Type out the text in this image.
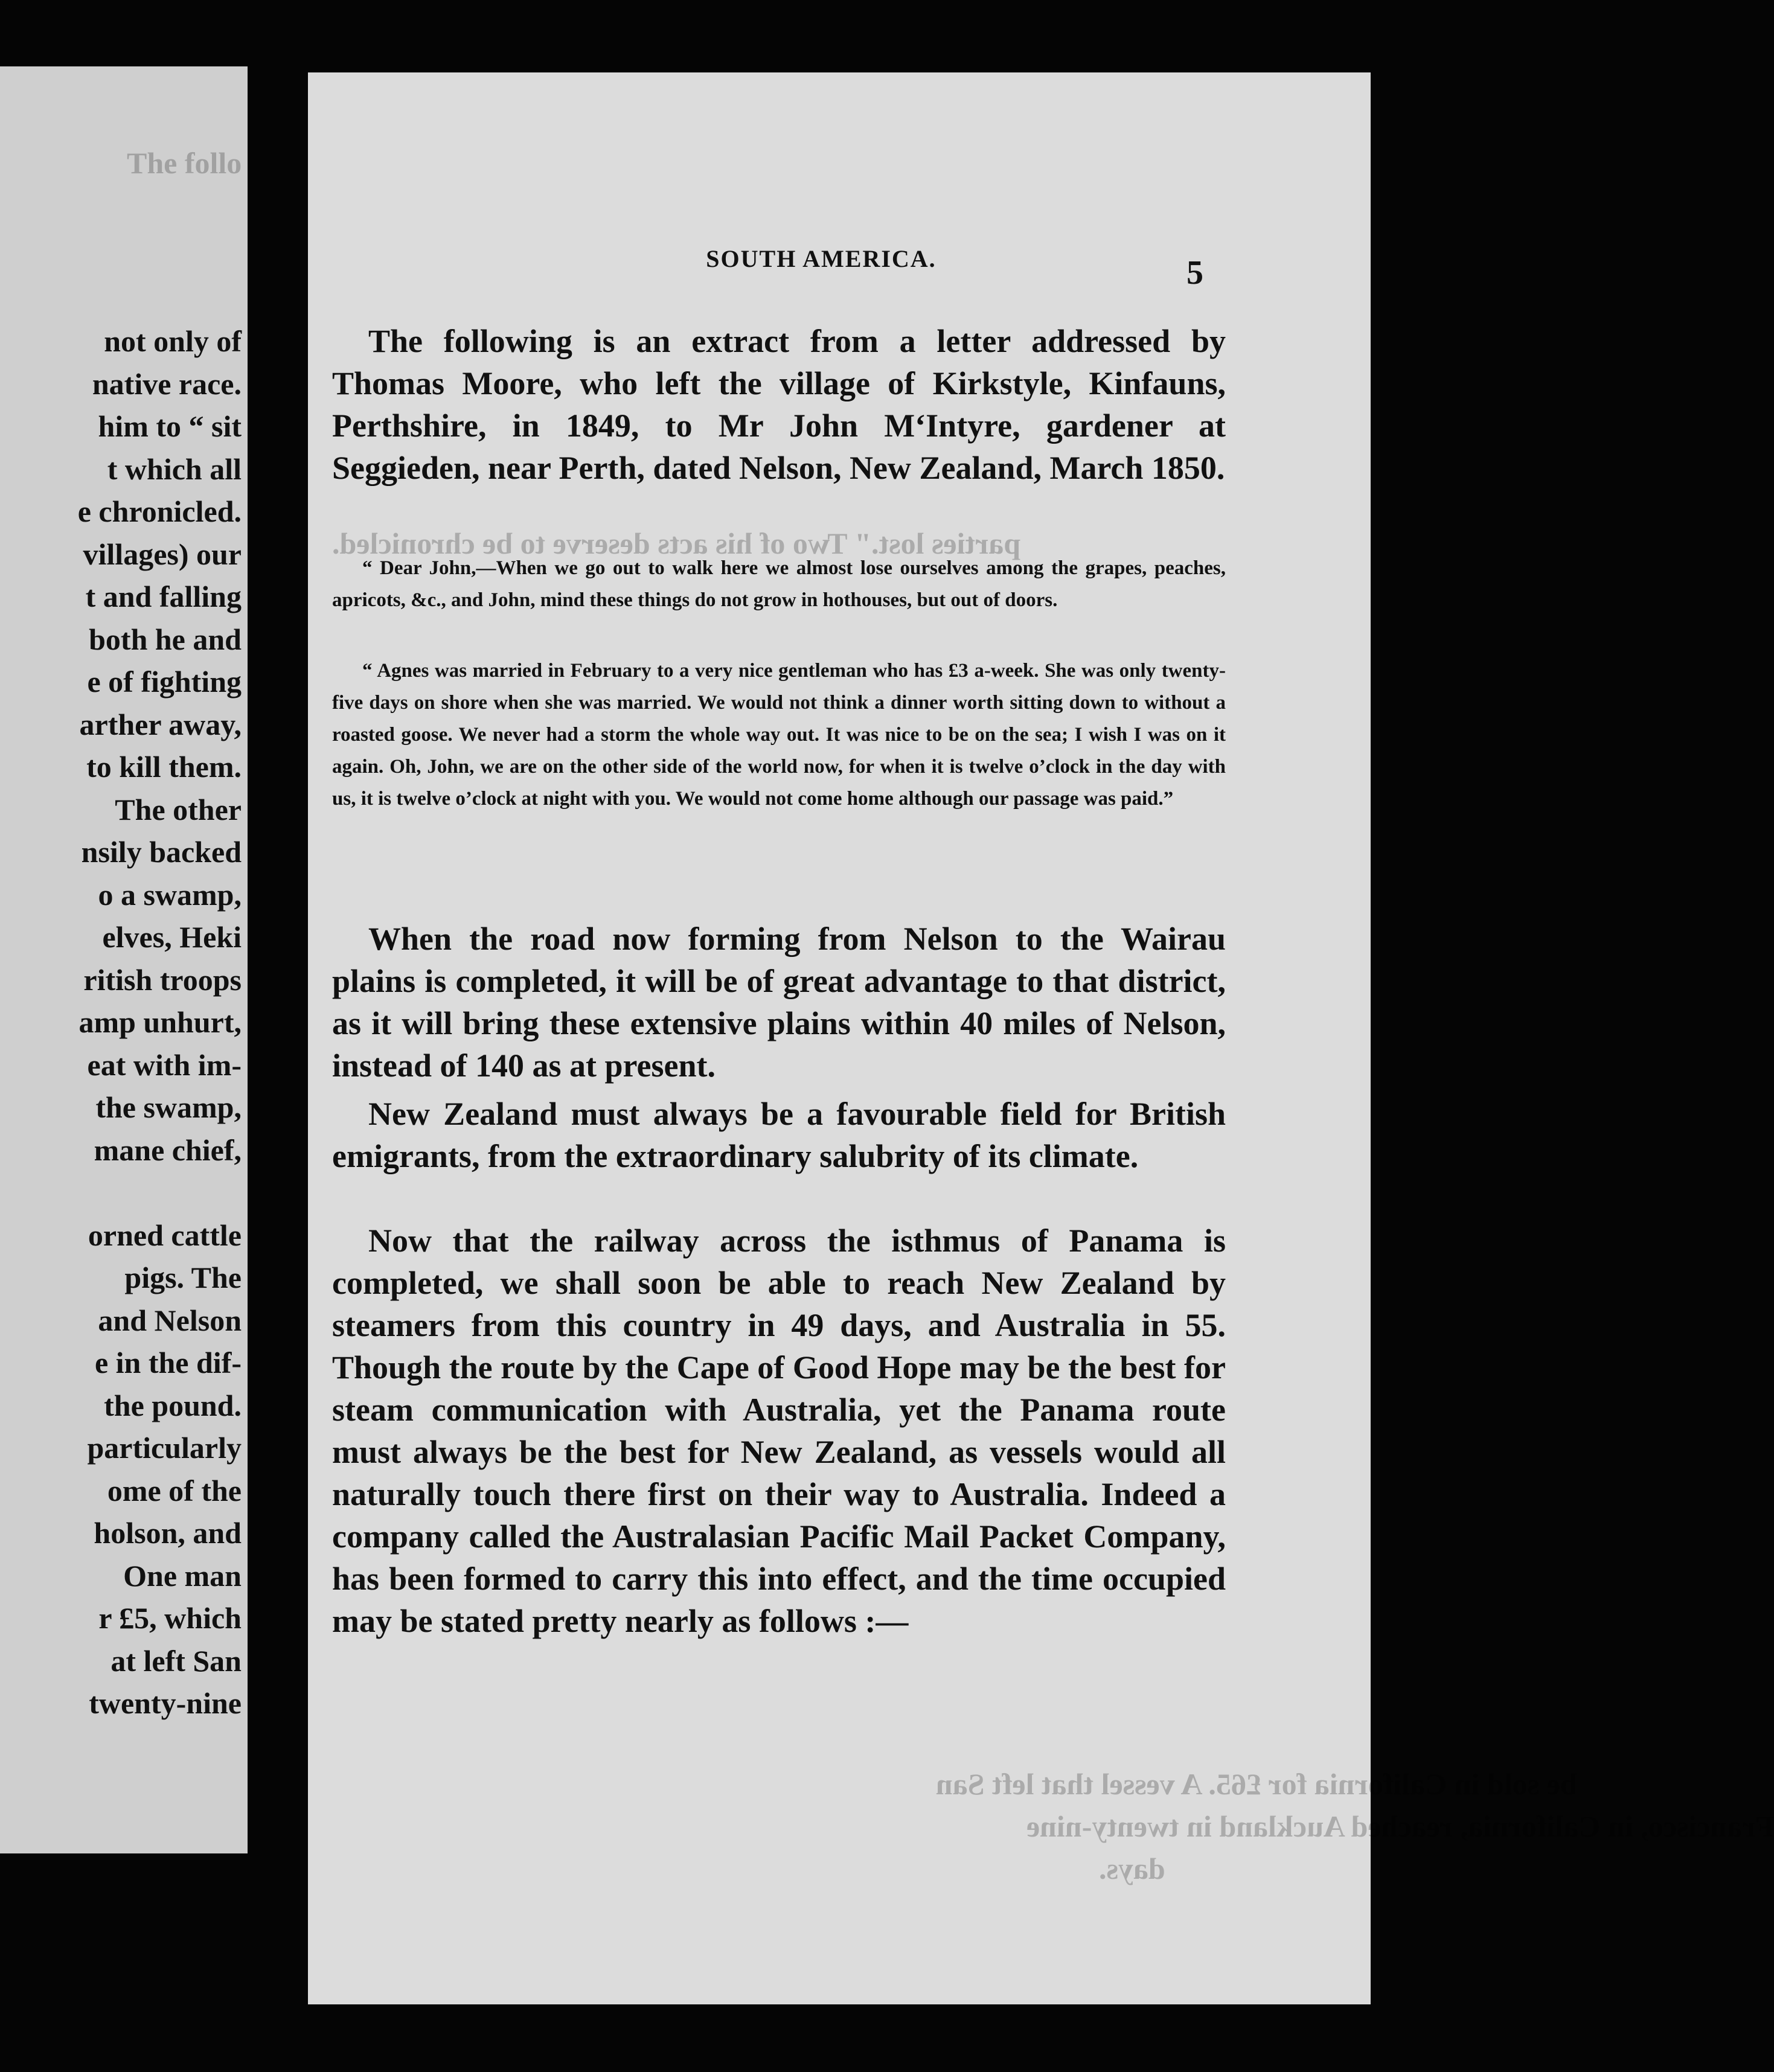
The follo
not only of
native race.
him to “ sit
t which all
e chronicled.
villages) our
t and falling
both he and
e of fighting
arther away,
to kill them.
The other
nsily backed
o a swamp,
elves, Heki
ritish troops
amp unhurt,
eat with im-
the swamp,
mane chief,
orned cattle
pigs. The
and Nelson
e in the dif-
the pound.
particularly
ome of the
holson, and
One man
r £5, which
at left San
twenty-nine
parties lost." Two of his acts deserve to be chronicled.
be sold in California for £65. A vessel that left San
Francisco, in California, reached Auckland in twenty-nine
days.
SOUTH AMERICA.	5

The following is an extract from a letter addressed by Thomas Moore, who left the village of Kirkstyle, Kinfauns, Perthshire, in 1849, to Mr John M‘Intyre, gardener at Seggieden, near Perth, dated Nelson, New Zealand, March 1850.

“ Dear John,—When we go out to walk here we almost lose ourselves among the grapes, peaches, apricots, &c., and John, mind these things do not grow in hothouses, but out of doors.

“ Agnes was married in February to a very nice gentleman who has £3 a-week. She was only twenty-five days on shore when she was married. We would not think a dinner worth sitting down to without a roasted goose. We never had a storm the whole way out. It was nice to be on the sea; I wish I was on it again. Oh, John, we are on the other side of the world now, for when it is twelve o’clock in the day with us, it is twelve o’clock at night with you. We would not come home although our passage was paid.”

When the road now forming from Nelson to the Wairau plains is completed, it will be of great advantage to that district, as it will bring these extensive plains within 40 miles of Nelson, instead of 140 as at present.

New Zealand must always be a favourable field for British emigrants, from the extraordinary salubrity of its climate.

Now that the railway across the isthmus of Panama is completed, we shall soon be able to reach New Zealand by steamers from this country in 49 days, and Australia in 55. Though the route by the Cape of Good Hope may be the best for steam communication with Australia, yet the Panama route must always be the best for New Zealand, as vessels would all naturally touch there first on their way to Australia. Indeed a company called the Australasian Pacific Mail Packet Company, has been formed to carry this into effect, and the time occupied may be stated pretty nearly as follows :—
